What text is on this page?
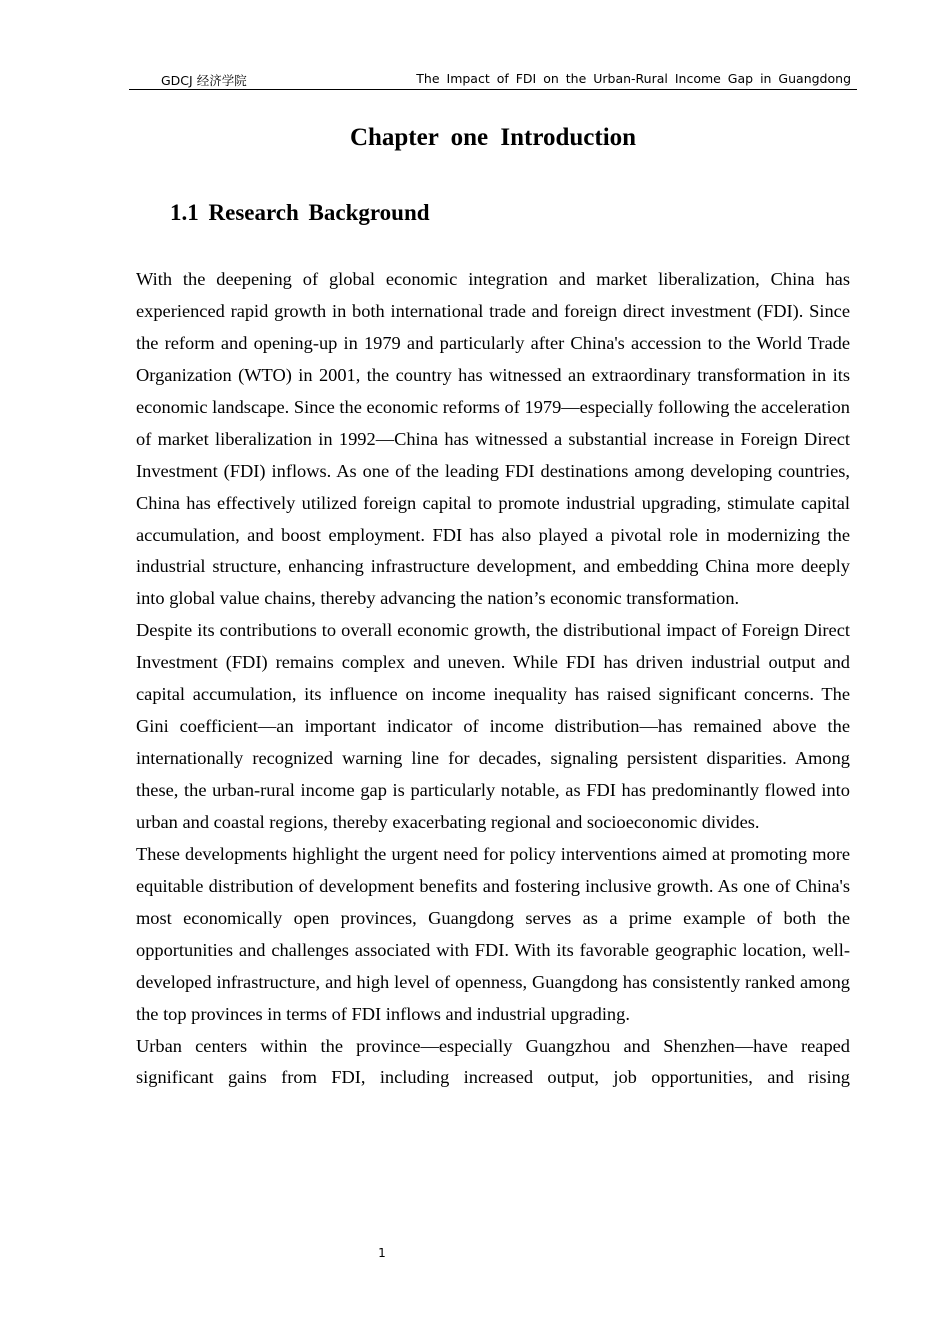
GDCJ 经济学院	The Impact of FDI on the Urban-Rural Income Gap in Guangdong
Chapter one Introduction
1.1 Research Background

With the deepening of global economic integration and market liberalization, China has experienced rapid growth in both international trade and foreign direct investment (FDI). Since the reform and opening-up in 1979 and particularly after China's accession to the World Trade Organization (WTO) in 2001, the country has witnessed an extraordinary transformation in its economic landscape. Since the economic reforms of 1979—especially following the acceleration of market liberalization in 1992—China has witnessed a substantial increase in Foreign Direct Investment (FDI) inflows. As one of the leading FDI destinations among developing countries, China has effectively utilized foreign capital to promote industrial upgrading, stimulate capital accumulation, and boost employment. FDI has also played a pivotal role in modernizing the industrial structure, enhancing infrastructure development, and embedding China more deeply into global value chains, thereby advancing the nation’s economic transformation.

Despite its contributions to overall economic growth, the distributional impact of Foreign Direct Investment (FDI) remains complex and uneven. While FDI has driven industrial output and capital accumulation, its influence on income inequality has raised significant concerns. The Gini coefficient—an important indicator of income distribution—has remained above the internationally recognized warning line for decades, signaling persistent disparities. Among these, the urban-rural income gap is particularly notable, as FDI has predominantly flowed into urban and coastal regions, thereby exacerbating regional and socioeconomic divides.

These developments highlight the urgent need for policy interventions aimed at promoting more equitable distribution of development benefits and fostering inclusive growth. As one of China's most economically open provinces, Guangdong serves as a prime example of both the opportunities and challenges associated with FDI. With its favorable geographic location, well-developed infrastructure, and high level of openness, Guangdong has consistently ranked among the top provinces in terms of FDI inflows and industrial upgrading.

Urban centers within the province—especially Guangzhou and Shenzhen—have reaped significant gains from FDI, including increased output, job opportunities, and rising

1
